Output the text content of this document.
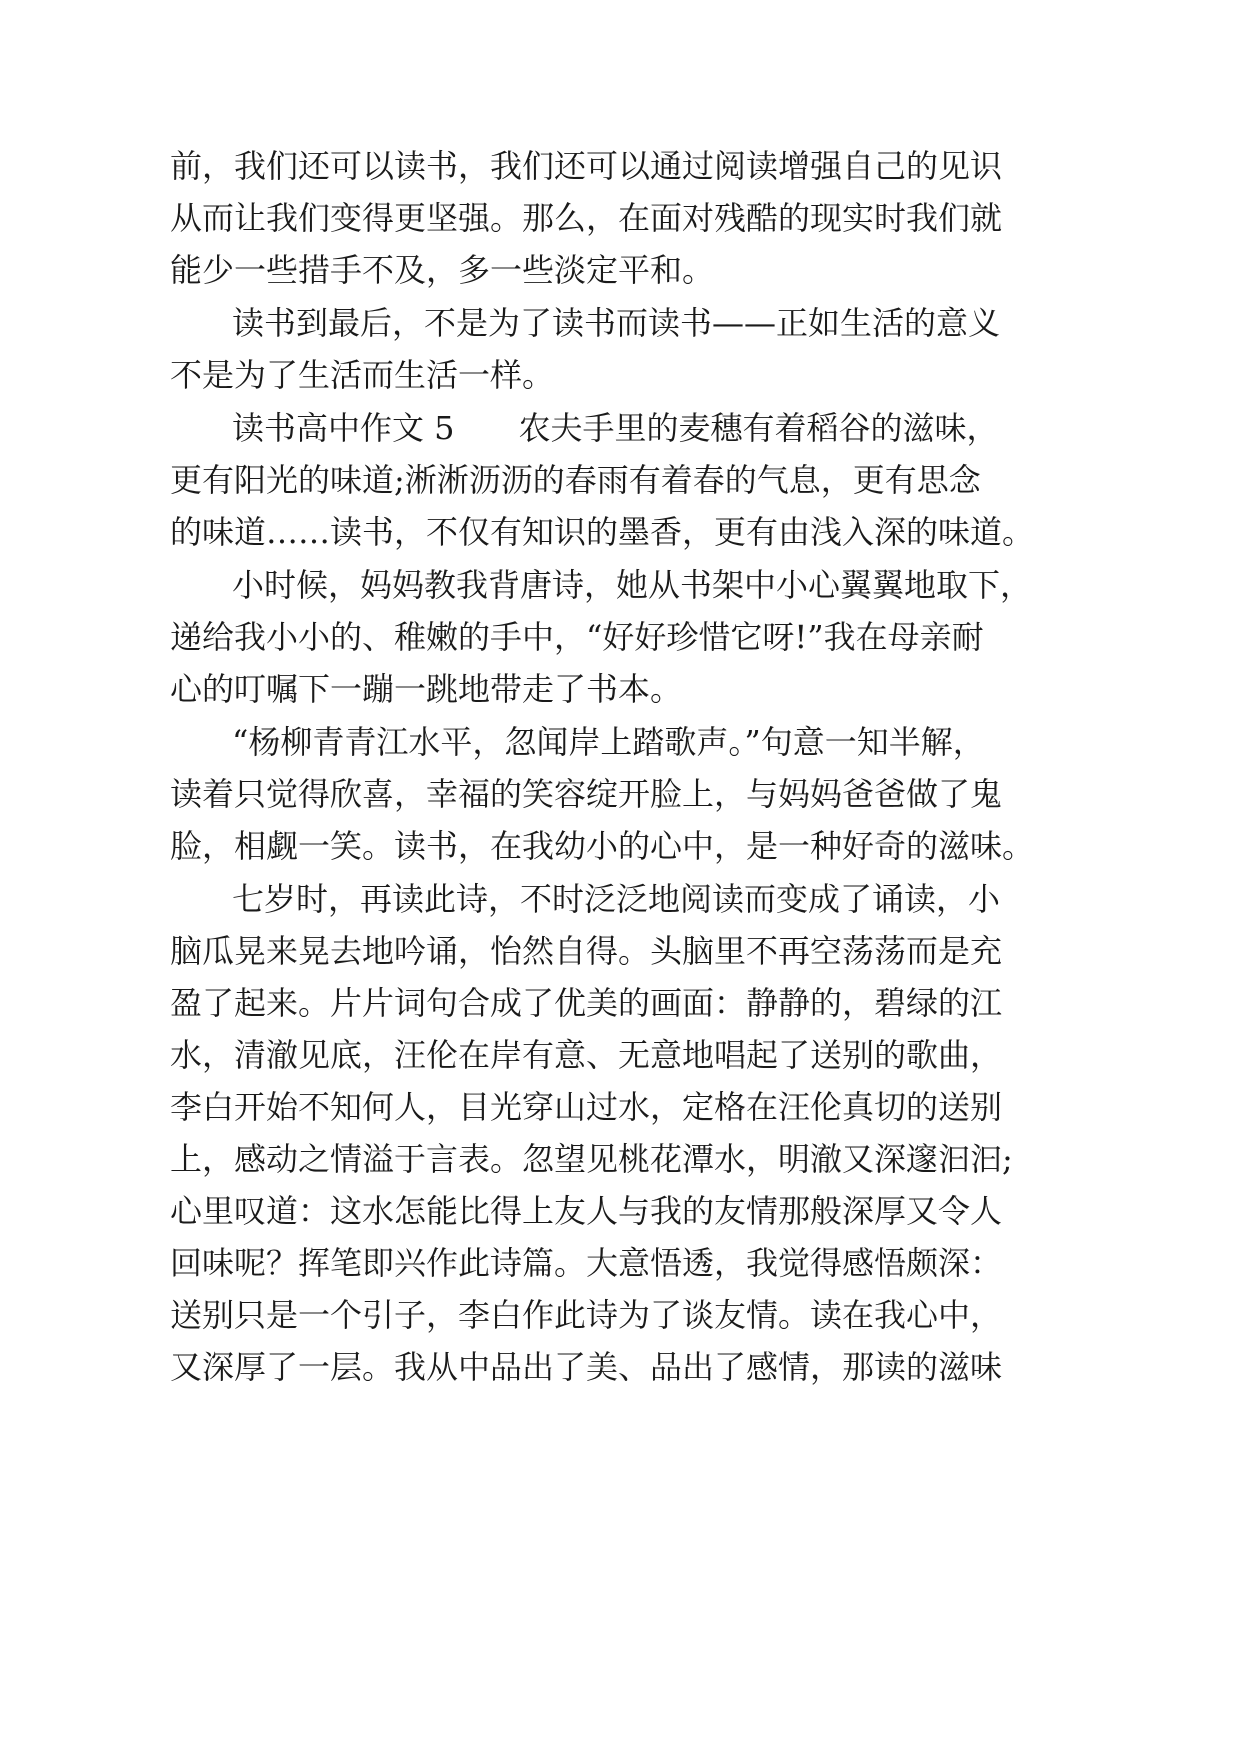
前，我们还可以读书，我们还可以通过阅读增强自己的见识
从而让我们变得更坚强。那么，在面对残酷的现实时我们就
能少一些措手不及，多一些淡定平和。
读书到最后，不是为了读书而读书——正如生活的意义
不是为了生活而生活一样。
读书高中作文 5　　农夫手里的麦穗有着稻谷的滋味，
更有阳光的味道;淅淅沥沥的春雨有着春的气息，更有思念
的味道……读书，不仅有知识的墨香，更有由浅入深的味道。
小时候，妈妈教我背唐诗，她从书架中小心翼翼地取下，
递给我小小的、稚嫩的手中，“好好珍惜它呀!”我在母亲耐
心的叮嘱下一蹦一跳地带走了书本。
“杨柳青青江水平，忽闻岸上踏歌声。”句意一知半解，
读着只觉得欣喜，幸福的笑容绽开脸上，与妈妈爸爸做了鬼
脸，相觑一笑。读书，在我幼小的心中，是一种好奇的滋味。
七岁时，再读此诗，不时泛泛地阅读而变成了诵读，小
脑瓜晃来晃去地吟诵，怡然自得。头脑里不再空荡荡而是充
盈了起来。片片词句合成了优美的画面：静静的，碧绿的江
水，清澈见底，汪伦在岸有意、无意地唱起了送别的歌曲，
李白开始不知何人，目光穿山过水，定格在汪伦真切的送别
上，感动之情溢于言表。忽望见桃花潭水，明澈又深邃汩汩;
心里叹道：这水怎能比得上友人与我的友情那般深厚又令人
回味呢？挥笔即兴作此诗篇。大意悟透，我觉得感悟颇深：
送别只是一个引子，李白作此诗为了谈友情。读在我心中，
又深厚了一层。我从中品出了美、品出了感情，那读的滋味
